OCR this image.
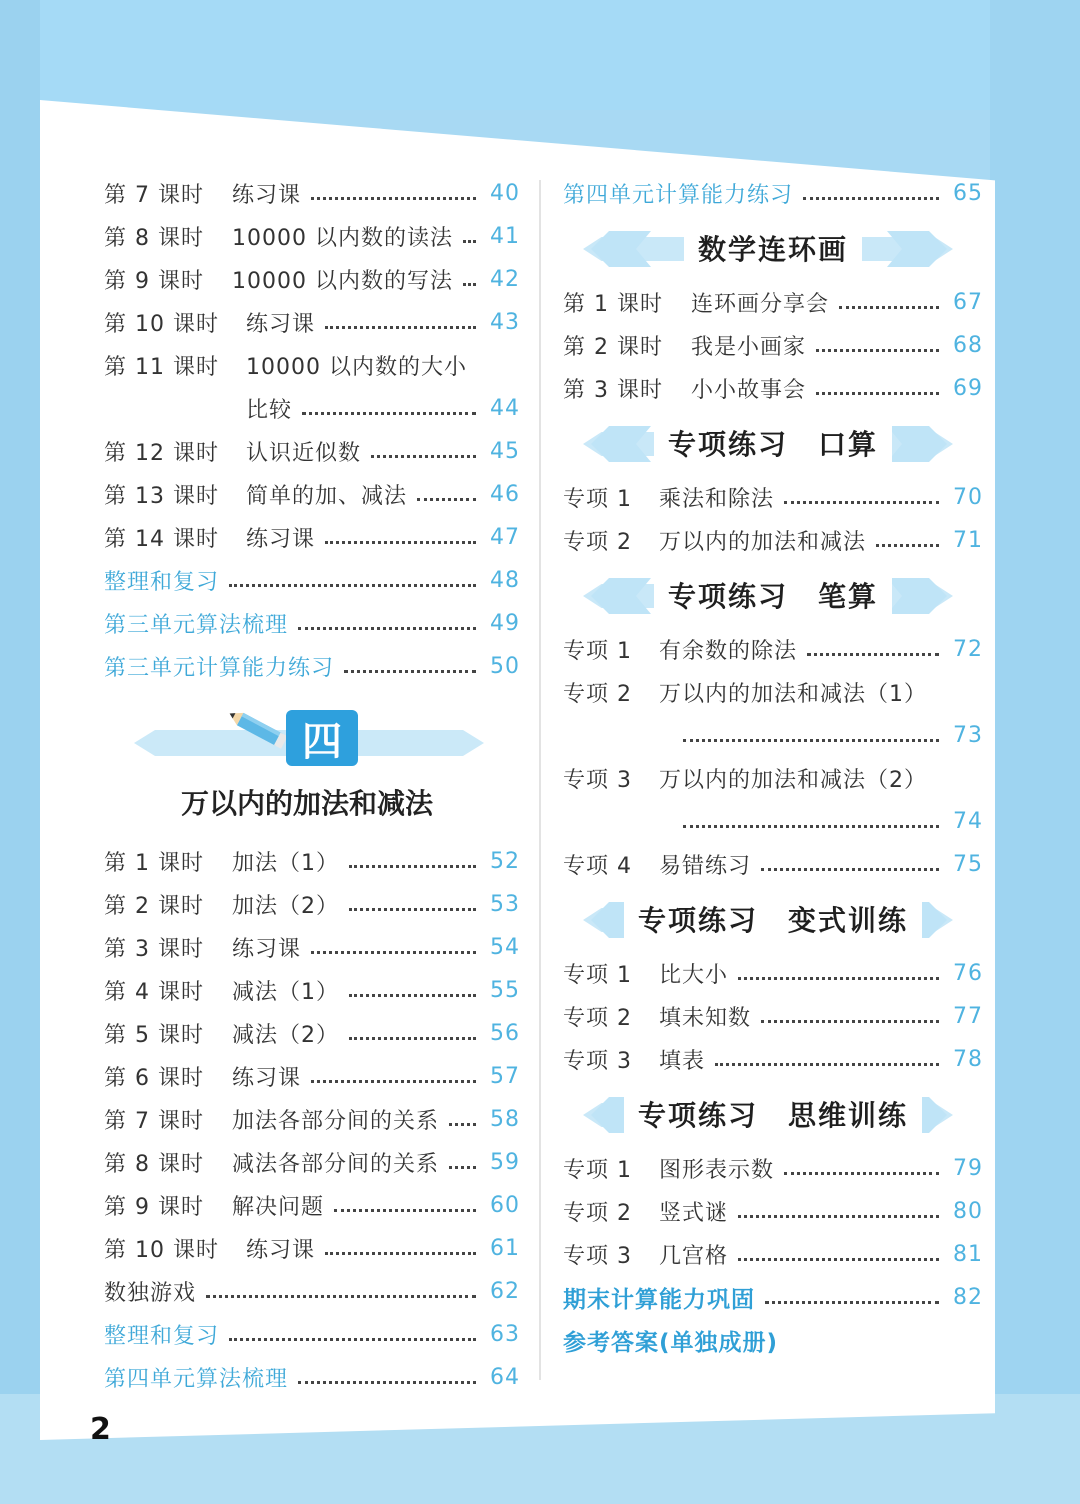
第 7 课时	练习课	40
第 8 课时	10000 以内数的读法 41
第 9 课时	10000 以内数的写法 42
第 10 课时	练习课	43
第 11 课时	10000 以内数的大小
比较	44
第 12 课时	认识近似数	45
第 13 课时	简单的加、减法	46
第 14 课时	练习课	47
整理和复习	48
第三单元算法梳理	49
第三单元计算能力练习	50
四
万以内的加法和减法
第 1 课时	加法（1）	52
第 2 课时	加法（2）	53
第 3 课时	练习课	54
第 4 课时	减法（1）	55
第 5 课时	减法（2）	56
第 6 课时	练习课	57
第 7 课时	加法各部分间的关系 58
第 8 课时	减法各部分间的关系 59
第 9 课时	解决问题	60
第 10 课时	练习课	61
数独游戏	62
整理和复习	63
第四单元算法梳理	64
第四单元计算能力练习	65
数学连环画
第 1 课时	连环画分享会	67
第 2 课时	我是小画家	68
第 3 课时	小小故事会	69
专项练习　口算
专项 1	乘法和除法	70
专项 2	万以内的加法和减法	71
专项练习　笔算
专项 1	有余数的除法	72
专项 2	万以内的加法和减法（1）
73
专项 3	万以内的加法和减法（2）
74
专项 4	易错练习	75
专项练习　变式训练
专项 1	比大小	76
专项 2	填未知数	77
专项 3	填表	78
专项练习　思维训练
专项 1	图形表示数	79
专项 2	竖式谜	80
专项 3	几宫格	81
期末计算能力巩固	82
参考答案 (单独成册)
2
